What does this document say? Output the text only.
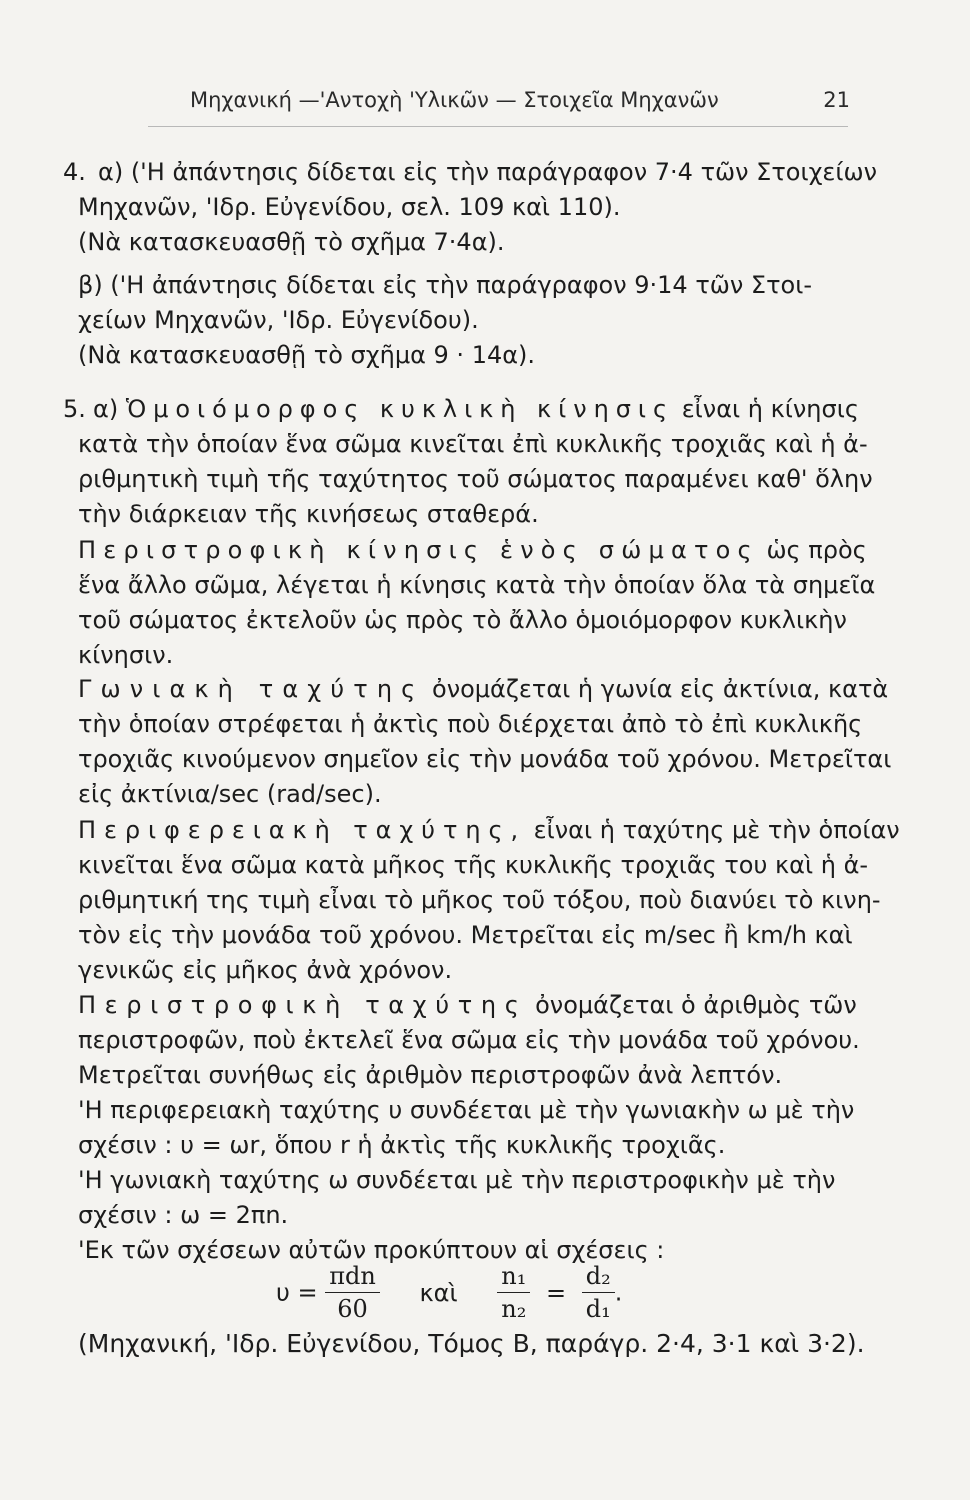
Μηχανική —'Αντοχὴ 'Υλικῶν — Στοιχεῖα Μηχανῶν	21
4. α) ('Η ἀπάντησις δίδεται εἰς τὴν παράγραφον 7·4 τῶν Στοιχείων
Μηχανῶν, 'Ιδρ. Εὐγενίδου, σελ. 109 καὶ 110).
(Νὰ κατασκευασθῇ τὸ σχῆμα 7·4α).
β) ('Η ἀπάντησις δίδεται εἰς τὴν παράγραφον 9·14 τῶν Στοι-
χείων Μηχανῶν, 'Ιδρ. Εὐγενίδου).
(Νὰ κατασκευασθῇ τὸ σχῆμα 9 · 14α).
5. α) Ὁμοιόμορφος κυκλικὴ κίνησις εἶναι ἡ κίνησις
κατὰ τὴν ὁποίαν ἕνα σῶμα κινεῖται ἐπὶ κυκλικῆς τροχιᾶς καὶ ἡ ἀ-
ριθμητικὴ τιμὴ τῆς ταχύτητος τοῦ σώματος παραμένει καθ' ὅλην
τὴν διάρκειαν τῆς κινήσεως σταθερά.
Περιστροφικὴ κίνησις ἑνὸς σώματος ὡς πρὸς
ἕνα ἄλλο σῶμα, λέγεται ἡ κίνησις κατὰ τὴν ὁποίαν ὅλα τὰ σημεῖα
τοῦ σώματος ἐκτελοῦν ὡς πρὸς τὸ ἄλλο ὁμοιόμορφον κυκλικὴν
κίνησιν.
Γωνιακὴ ταχύτης ὀνομάζεται ἡ γωνία εἰς ἀκτίνια, κατὰ
τὴν ὁποίαν στρέφεται ἡ ἀκτὶς ποὺ διέρχεται ἀπὸ τὸ ἐπὶ κυκλικῆς
τροχιᾶς κινούμενον σημεῖον εἰς τὴν μονάδα τοῦ χρόνου. Μετρεῖται
εἰς ἀκτίνια/sec (rad/sec).
Περιφερειακὴ ταχύτης, εἶναι ἡ ταχύτης μὲ τὴν ὁποίαν
κινεῖται ἕνα σῶμα κατὰ μῆκος τῆς κυκλικῆς τροχιᾶς του καὶ ἡ ἀ-
ριθμητική της τιμὴ εἶναι τὸ μῆκος τοῦ τόξου, ποὺ διανύει τὸ κινη-
τὸν εἰς τὴν μονάδα τοῦ χρόνου. Μετρεῖται εἰς m/sec ἢ km/h καὶ
γενικῶς εἰς μῆκος ἀνὰ χρόνον.
Περιστροφικὴ ταχύτης ὀνομάζεται ὁ ἀριθμὸς τῶν
περιστροφῶν, ποὺ ἐκτελεῖ ἕνα σῶμα εἰς τὴν μονάδα τοῦ χρόνου.
Μετρεῖται συνήθως εἰς ἀριθμὸν περιστροφῶν ἀνὰ λεπτόν.
'Η περιφερειακὴ ταχύτης υ συνδέεται μὲ τὴν γωνιακὴν ω μὲ τὴν
σχέσιν : υ = ωr, ὅπου r ἡ ἀκτὶς τῆς κυκλικῆς τροχιᾶς.
'Η γωνιακὴ ταχύτης ω συνδέεται μὲ τὴν περιστροφικὴν μὲ τὴν
σχέσιν : ω = 2πn.
'Εκ τῶν σχέσεων αὐτῶν προκύπτουν αἱ σχέσεις :
$\upsilon = \frac{\text{πdn}}{60}$ καὶ $\frac{\text{n₁}}{\text{n₂}} = \frac{\text{d₂}}{\text{d₁}}$ .
(Μηχανική, 'Ιδρ. Εὐγενίδου, Τόμος Β, παράγρ. 2·4, 3·1 καὶ 3·2).
